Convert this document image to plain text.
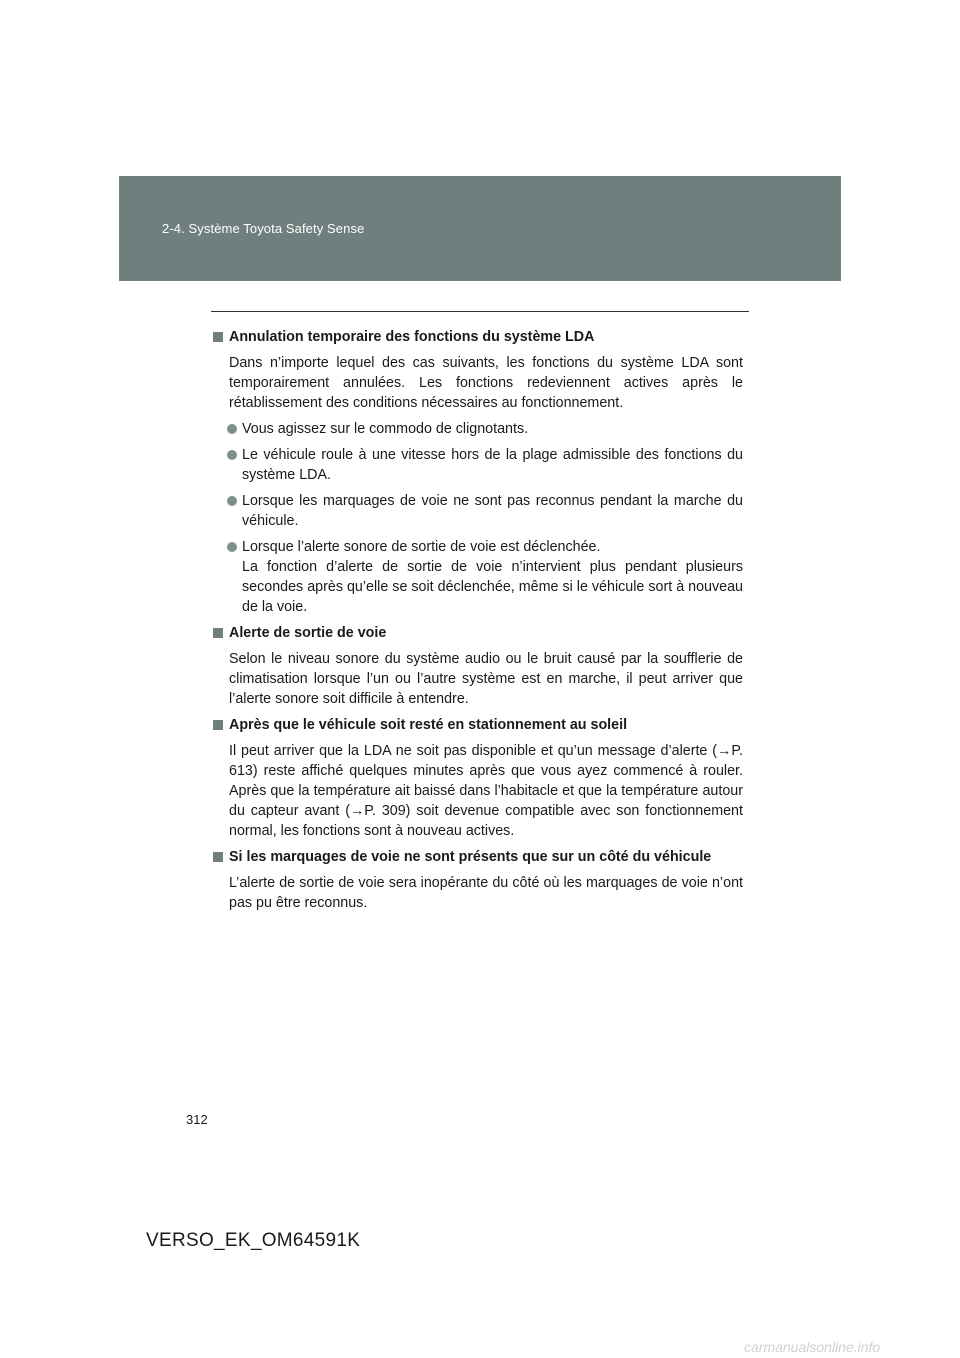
2-4. Système Toyota Safety Sense
Annulation temporaire des fonctions du système LDA
Dans n’importe lequel des cas suivants, les fonctions du système LDA sont temporairement annulées. Les fonctions redeviennent actives après le rétablissement des conditions nécessaires au fonctionnement.
Vous agissez sur le commodo de clignotants.
Le véhicule roule à une vitesse hors de la plage admissible des fonctions du système LDA.
Lorsque les marquages de voie ne sont pas reconnus pendant la marche du véhicule.
Lorsque l’alerte sonore de sortie de voie est déclenchée.
La fonction d’alerte de sortie de voie n’intervient plus pendant plusieurs secondes après qu’elle se soit déclenchée, même si le véhicule sort à nouveau de la voie.
Alerte de sortie de voie
Selon le niveau sonore du système audio ou le bruit causé par la soufflerie de climatisation lorsque l’un ou l’autre système est en marche, il peut arriver que l’alerte sonore soit difficile à entendre.
Après que le véhicule soit resté en stationnement au soleil
Il peut arriver que la LDA ne soit pas disponible et qu’un message d’alerte (→P. 613) reste affiché quelques minutes après que vous ayez commencé à rouler. Après que la température ait baissé dans l’habitacle et que la température autour du capteur avant (→P. 309) soit devenue compatible avec son fonctionnement normal, les fonctions sont à nouveau actives.
Si les marquages de voie ne sont présents que sur un côté du véhicule
L’alerte de sortie de voie sera inopérante du côté où les marquages de voie n’ont pas pu être reconnus.
312
VERSO_EK_OM64591K
carmanualsonline.info
